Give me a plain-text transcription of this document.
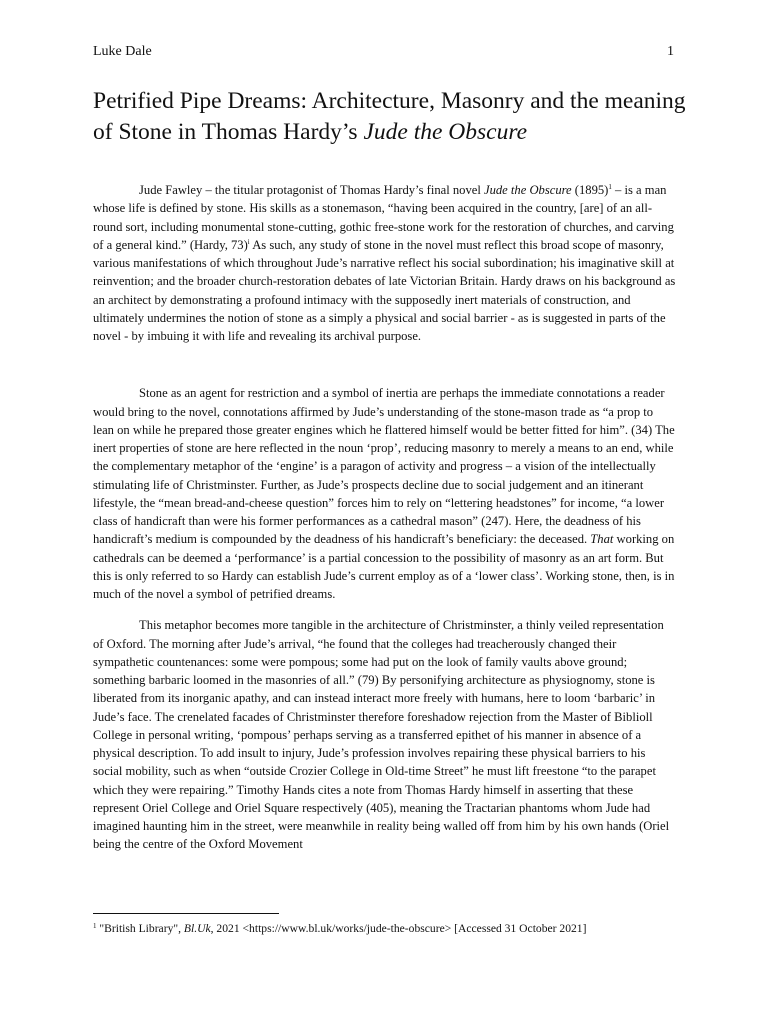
Luke Dale	1
Petrified Pipe Dreams: Architecture, Masonry and the meaning of Stone in Thomas Hardy’s Jude the Obscure

Jude Fawley – the titular protagonist of Thomas Hardy’s final novel Jude the Obscure $(1895)^1$ – is a man whose life is defined by stone. His skills as a stonemason, “having been acquired in the country, [are] of an all-round sort, including monumental stone-cutting, gothic free-stone work for the restoration of churches, and carving of a general kind.” (Hardy, 73)$^i$ As such, any study of stone in the novel must reflect this broad scope of masonry, various manifestations of which throughout Jude’s narrative reflect his social subordination; his imaginative skill at reinvention; and the broader church-restoration debates of late Victorian Britain. Hardy draws on his background as an architect by demonstrating a profound intimacy with the supposedly inert materials of construction, and ultimately undermines the notion of stone as a simply a physical and social barrier - as is suggested in parts of the novel - by imbuing it with life and revealing its archival purpose.

Stone as an agent for restriction and a symbol of inertia are perhaps the immediate connotations a reader would bring to the novel, connotations affirmed by Jude’s understanding of the stone-mason trade as “a prop to lean on while he prepared those greater engines which he flattered himself would be better fitted for him”. (34) The inert properties of stone are here reflected in the noun ‘prop’, reducing masonry to merely a means to an end, while the complementary metaphor of the ‘engine’ is a paragon of activity and progress – a vision of the intellectually stimulating life of Christminster. Further, as Jude’s prospects decline due to social judgement and an itinerant lifestyle, the “mean bread-and-cheese question” forces him to rely on “lettering headstones” for income, “a lower class of handicraft than were his former performances as a cathedral mason” (247). Here, the deadness of his handicraft’s medium is compounded by the deadness of his handicraft’s beneficiary: the deceased. That working on cathedrals can be deemed a ‘performance’ is a partial concession to the possibility of masonry as an art form. But this is only referred to so Hardy can establish Jude’s current employ as of a ‘lower class’. Working stone, then, is in much of the novel a symbol of petrified dreams.

This metaphor becomes more tangible in the architecture of Christminster, a thinly veiled representation of Oxford. The morning after Jude’s arrival, “he found that the colleges had treacherously changed their sympathetic countenances: some were pompous; some had put on the look of family vaults above ground; something barbaric loomed in the masonries of all.” (79) By personifying architecture as physiognomy, stone is liberated from its inorganic apathy, and can instead interact more freely with humans, here to loom ‘barbaric’ in Jude’s face. The crenelated facades of Christminster therefore foreshadow rejection from the Master of Biblioll College in personal writing, ‘pompous’ perhaps serving as a transferred epithet of his manner in absence of a physical description. To add insult to injury, Jude’s profession involves repairing these physical barriers to his social mobility, such as when “outside Crozier College in Old-time Street” he must lift freestone “to the parapet which they were repairing.” Timothy Hands cites a note from Thomas Hardy himself in asserting that these represent Oriel College and Oriel Square respectively (405), meaning the Tractarian phantoms whom Jude had imagined haunting him in the street, were meanwhile in reality being walled off from him by his own hands (Oriel being the centre of the Oxford Movement

$^1$ "British Library", Bl.Uk, 2021 <https://www.bl.uk/works/jude-the-obscure> [Accessed 31 October 2021]
